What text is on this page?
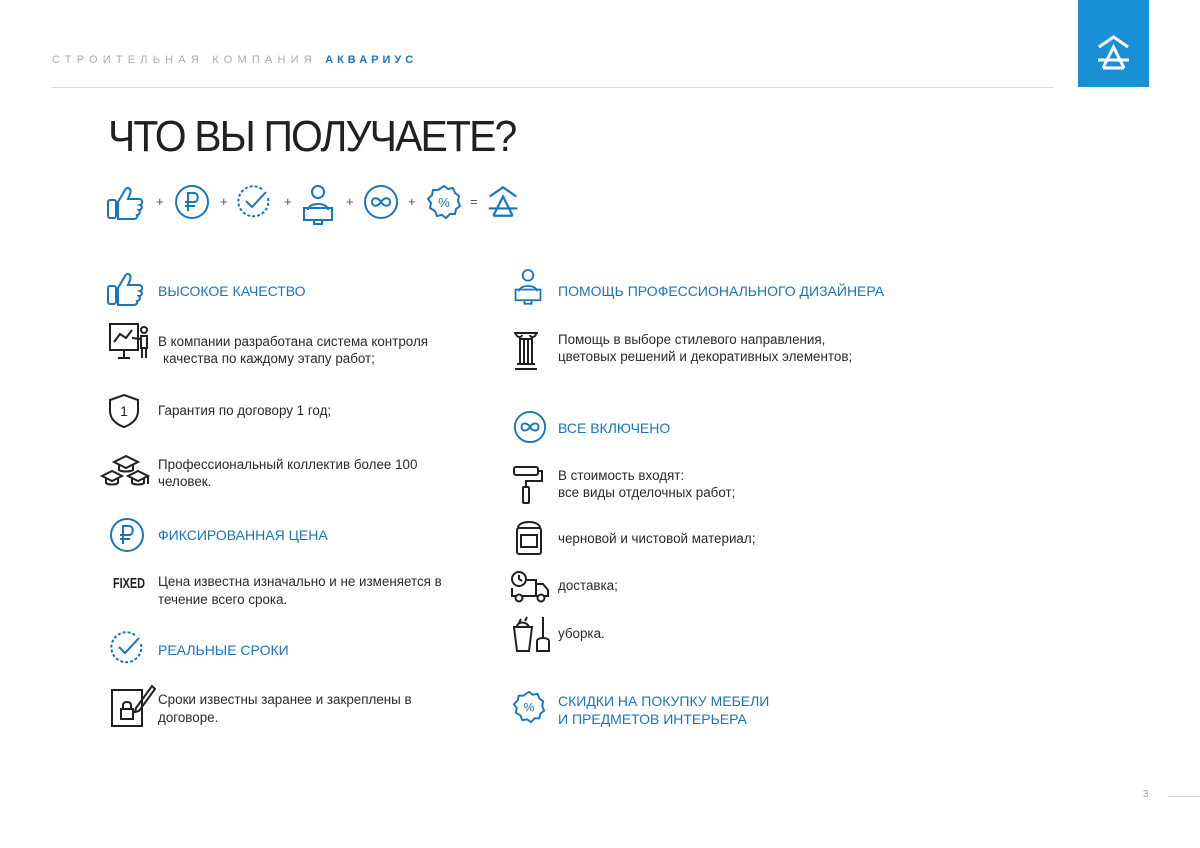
СТРОИТЕЛЬНАЯ КОМПАНИЯ АКВАРИУС
ЧТО ВЫ ПОЛУЧАЕТЕ?
+	+	+	+	+ % =
ВЫСОКОЕ КАЧЕСТВО
В компании разработана система контроля
качества по каждому этапу работ;
1 Гарантия по договору 1 год;
Профессиональный коллектив более 100
человек.
ФИКСИРОВАННАЯ ЦЕНА
FIXED Цена известна изначально и не изменяется в
течение всего срока.
РЕАЛЬНЫЕ СРОКИ
Сроки известны заранее и закреплены в
договоре.
ПОМОЩЬ ПРОФЕССИОНАЛЬНОГО ДИЗАЙНЕРА
Помощь в выборе стилевого направления,
цветовых решений и декоративных элементов;
ВСЕ ВКЛЮЧЕНО
В стоимость входят:
все виды отделочных работ;
черновой и чистовой материал;
доставка;
уборка.
% СКИДКИ НА ПОКУПКУ МЕБЕЛИ
И ПРЕДМЕТОВ ИНТЕРЬЕРА
3
